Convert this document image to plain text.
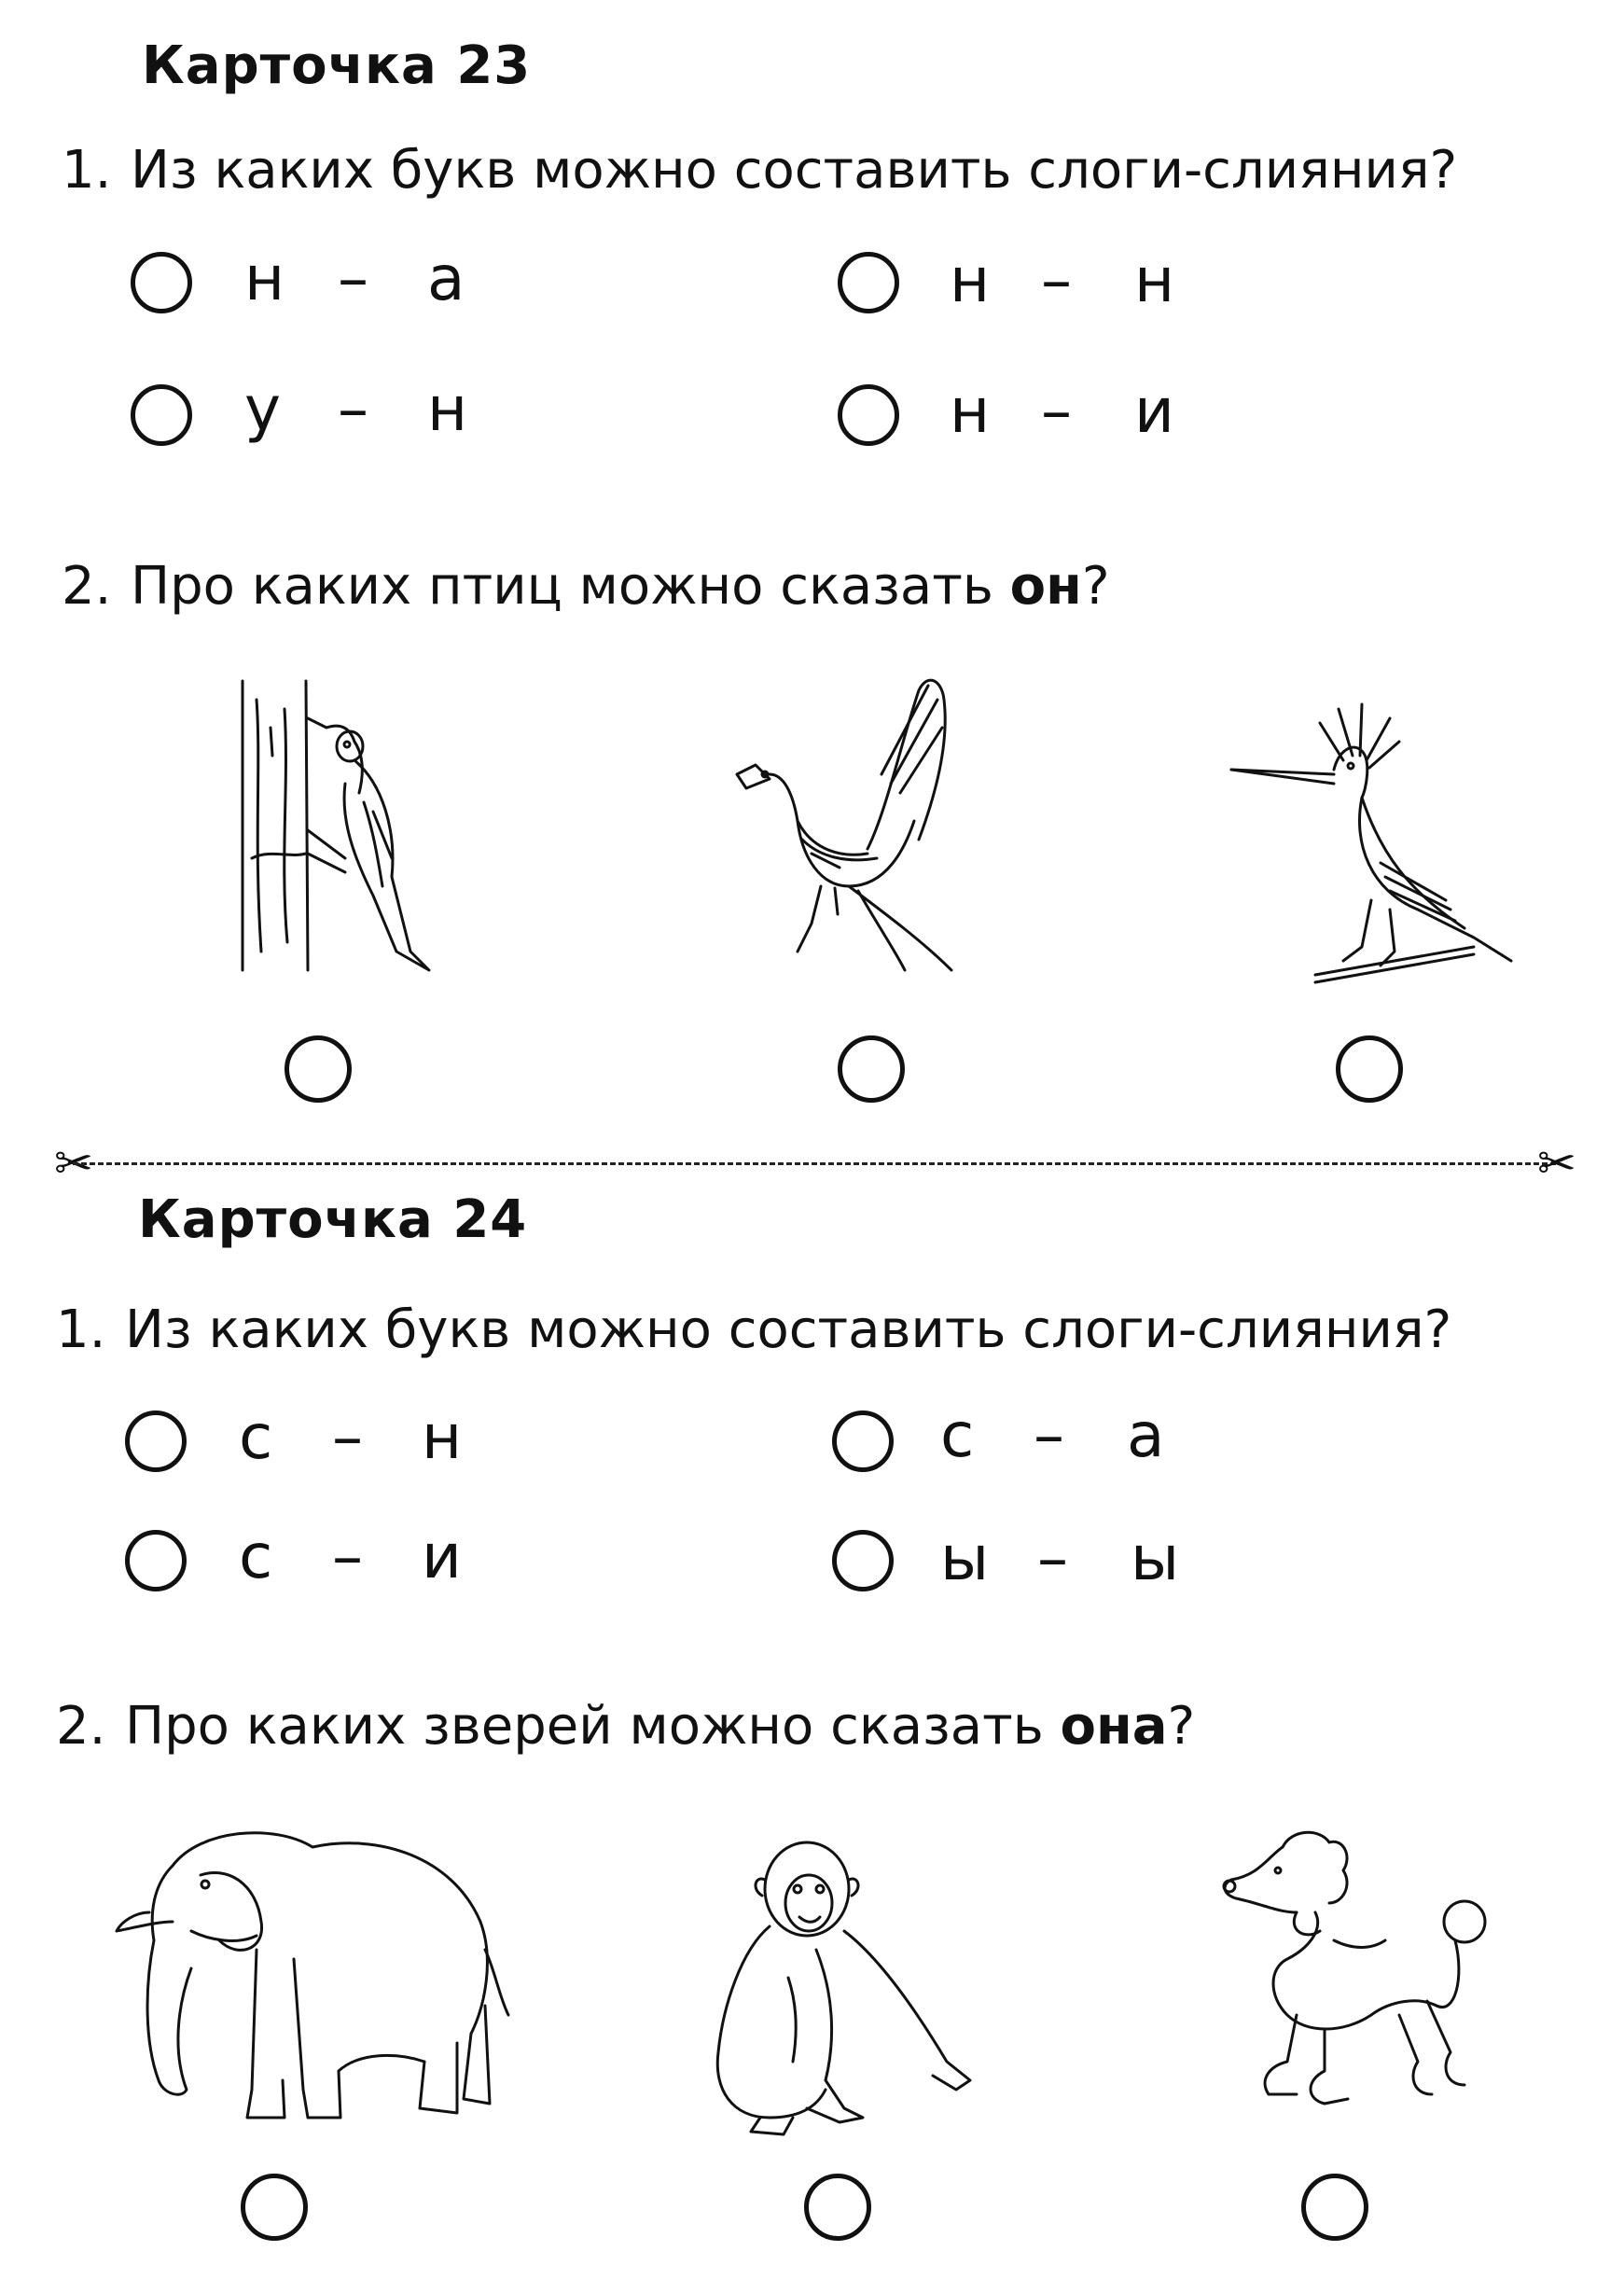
Карточка 23
1. Из каких букв можно составить слоги-слияния?
н – а	н – н
у – н	н – и
2. Про каких птиц можно сказать он?
✂	✂
Карточка 24
1. Из каких букв можно составить слоги-слияния?
с – н	с – а
с – и	ы – ы
2. Про каких зверей можно сказать она?
